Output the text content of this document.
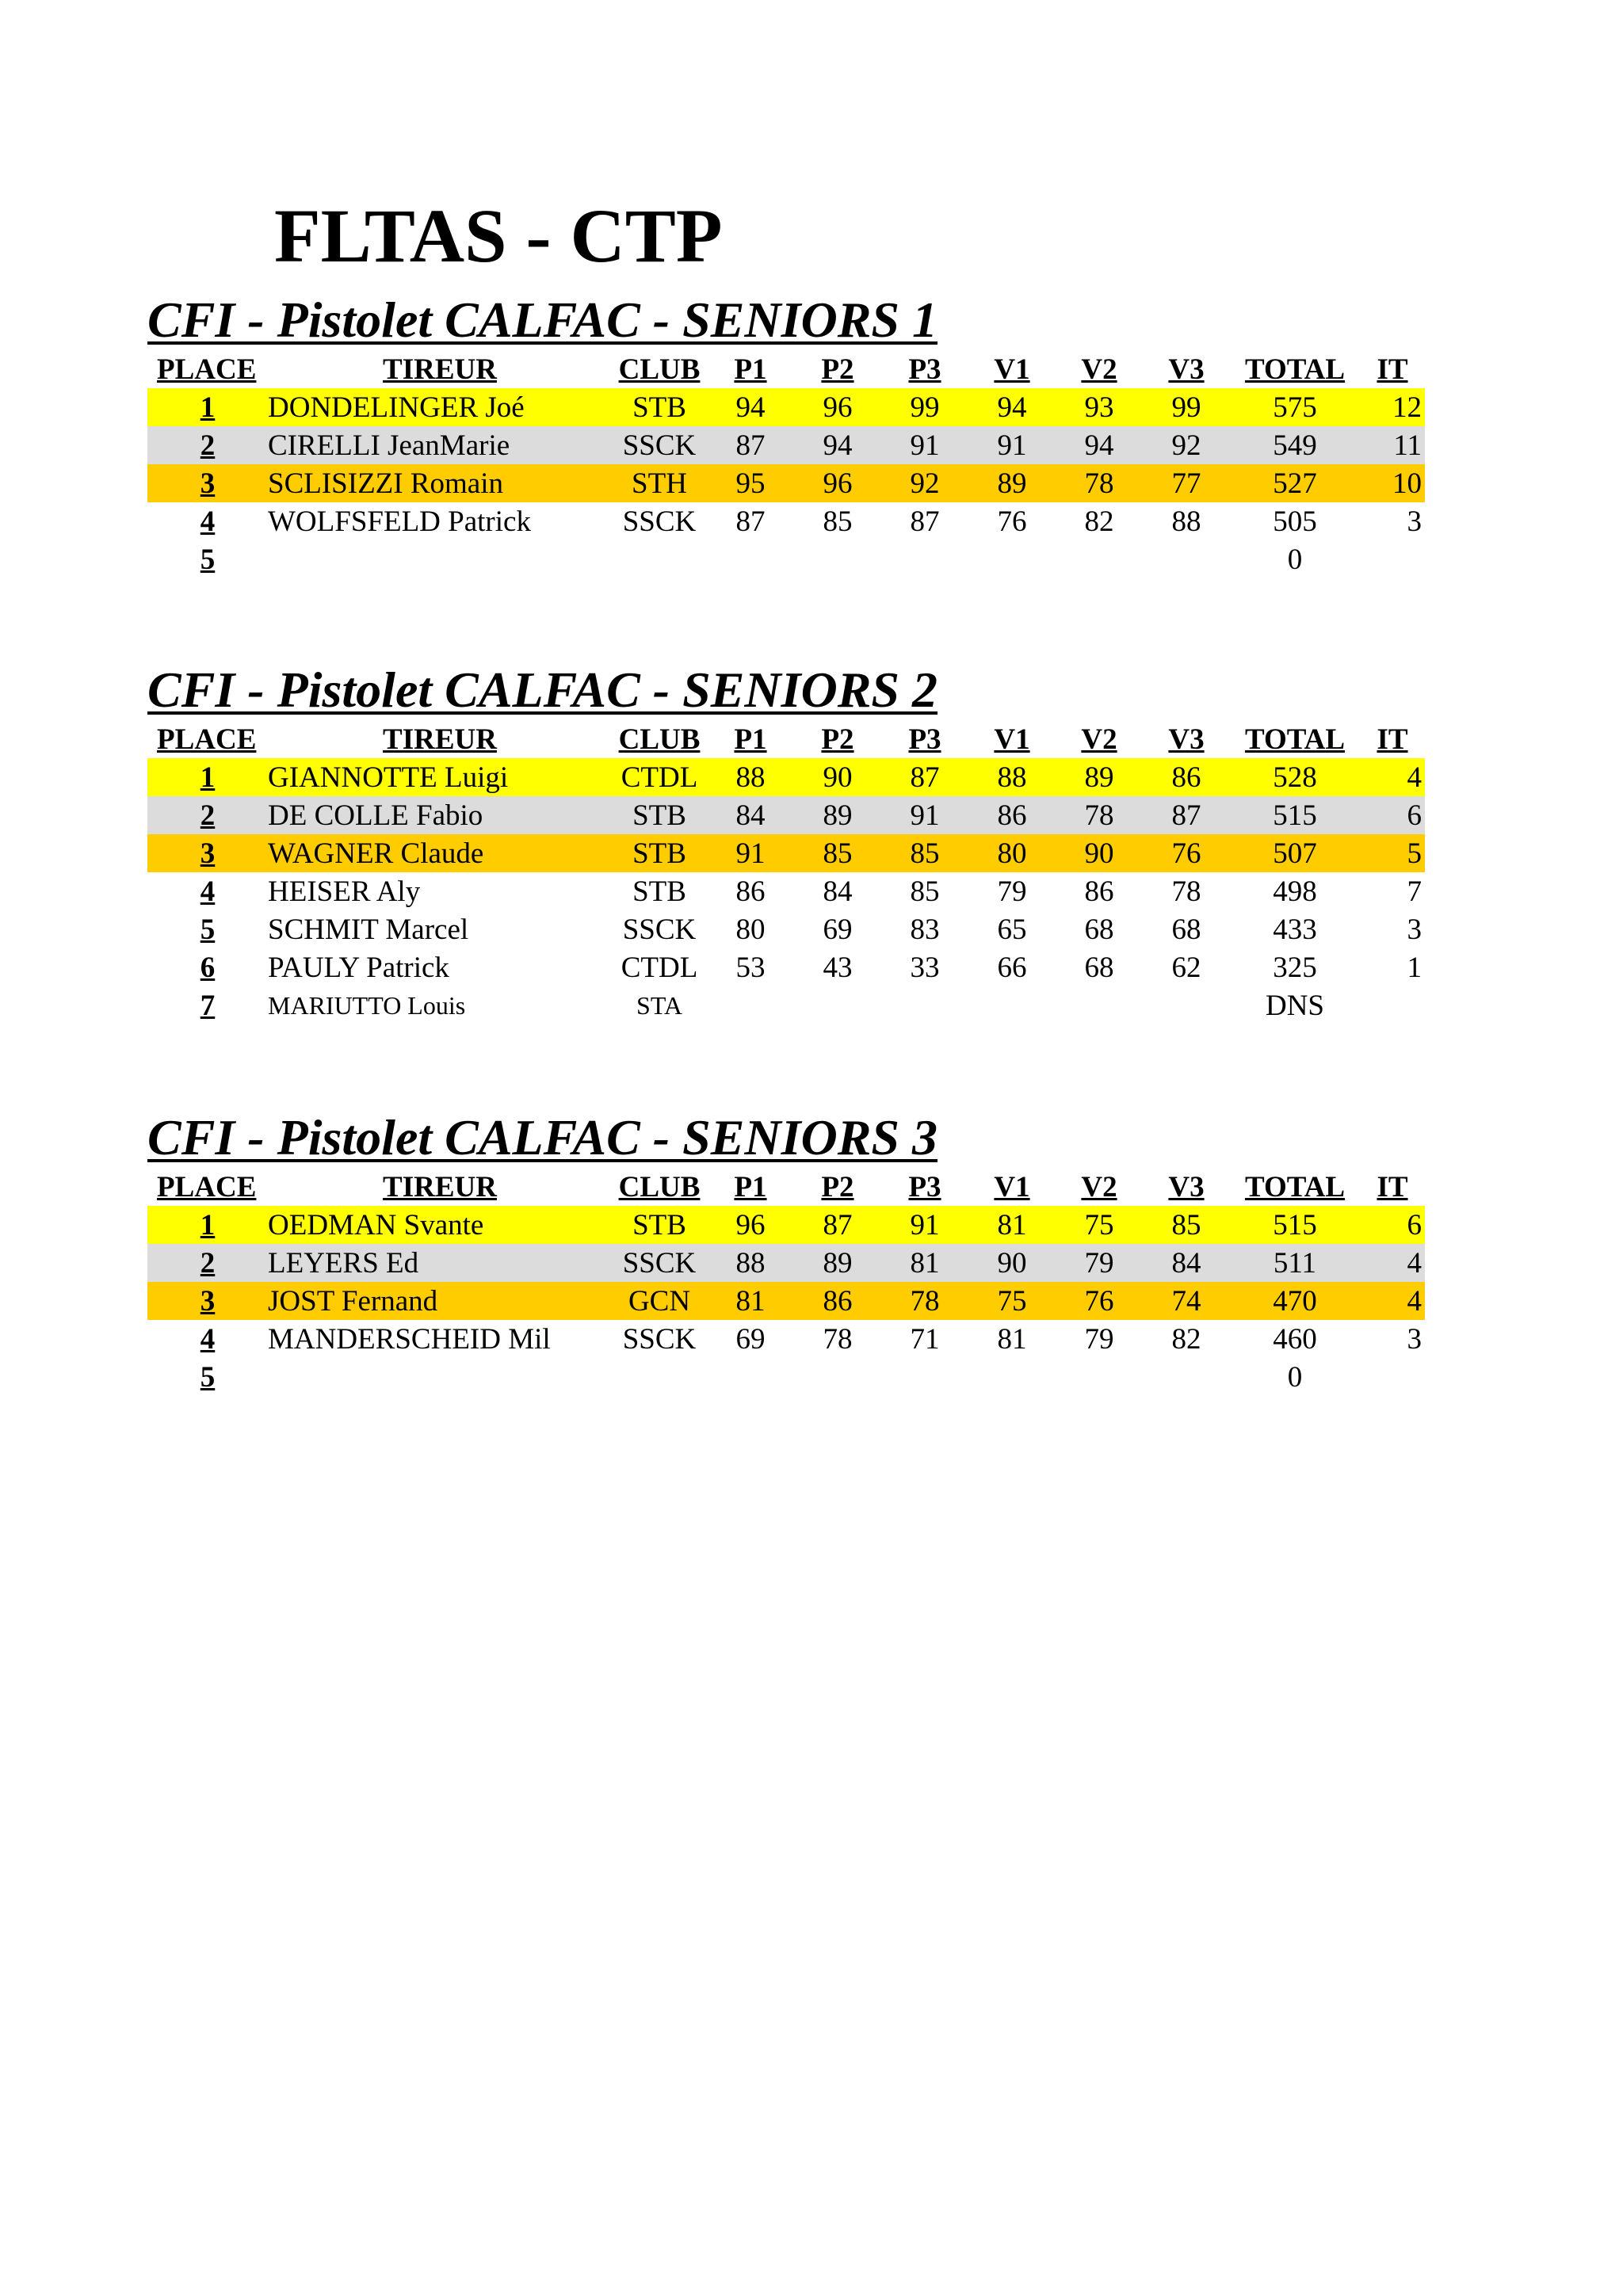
FLTAS - CTP
CFI - Pistolet CALFAC - SENIORS 1
PLACE	TIREUR	CLUB	P1	P2	P3	V1	V2	V3	TOTAL	IT
1	DONDELINGER Joé	STB	94	96	99	94	93	99	575	12
2	CIRELLI JeanMarie	SSCK	87	94	91	91	94	92	549	11
3	SCLISIZZI Romain	STH	95	96	92	89	78	77	527	10
4	WOLFSFELD Patrick	SSCK	87	85	87	76	82	88	505	3
5									0	
CFI - Pistolet CALFAC - SENIORS 2
PLACE	TIREUR	CLUB	P1	P2	P3	V1	V2	V3	TOTAL	IT
1	GIANNOTTE Luigi	CTDL	88	90	87	88	89	86	528	4
2	DE COLLE Fabio	STB	84	89	91	86	78	87	515	6
3	WAGNER Claude	STB	91	85	85	80	90	76	507	5
4	HEISER Aly	STB	86	84	85	79	86	78	498	7
5	SCHMIT Marcel	SSCK	80	69	83	65	68	68	433	3
6	PAULY Patrick	CTDL	53	43	33	66	68	62	325	1
7	MARIUTTO Louis	STA							DNS	
CFI - Pistolet CALFAC - SENIORS 3
PLACE	TIREUR	CLUB	P1	P2	P3	V1	V2	V3	TOTAL	IT
1	OEDMAN Svante	STB	96	87	91	81	75	85	515	6
2	LEYERS Ed	SSCK	88	89	81	90	79	84	511	4
3	JOST Fernand	GCN	81	86	78	75	76	74	470	4
4	MANDERSCHEID Mil	SSCK	69	78	71	81	79	82	460	3
5									0	
